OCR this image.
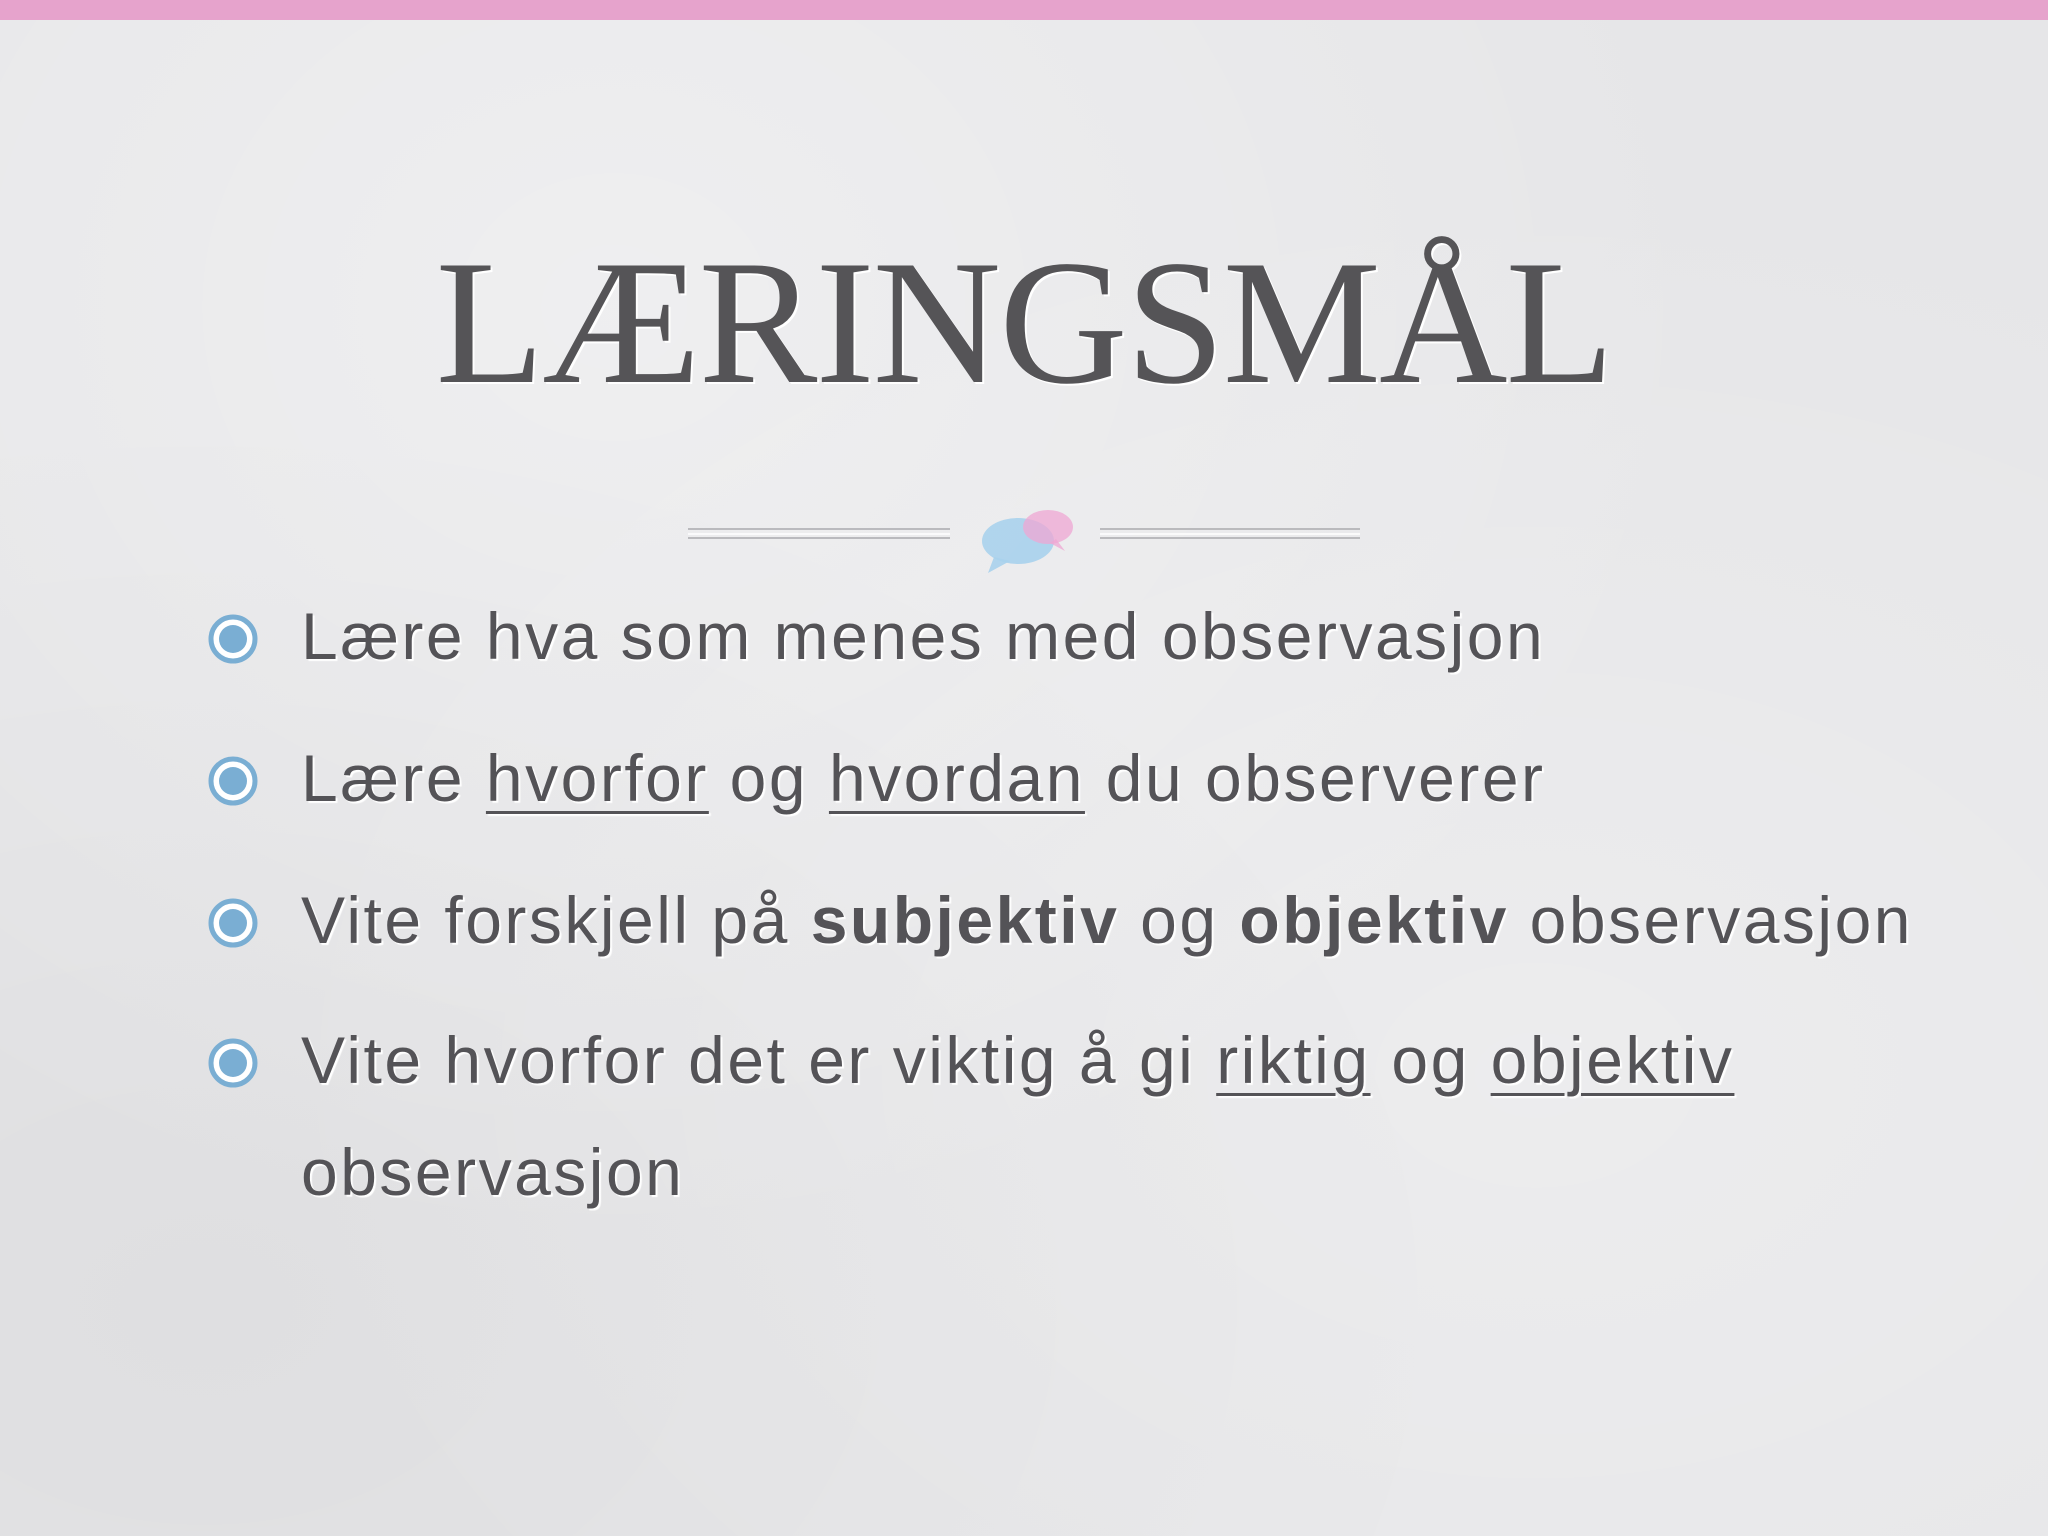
LÆRINGSMÅL
Lære hva som menes med observasjon
Lære hvorfor og hvordan du observerer
Vite forskjell på subjektiv og objektiv observasjon
Vite hvorfor det er viktig å gi riktig og objektiv observasjon
